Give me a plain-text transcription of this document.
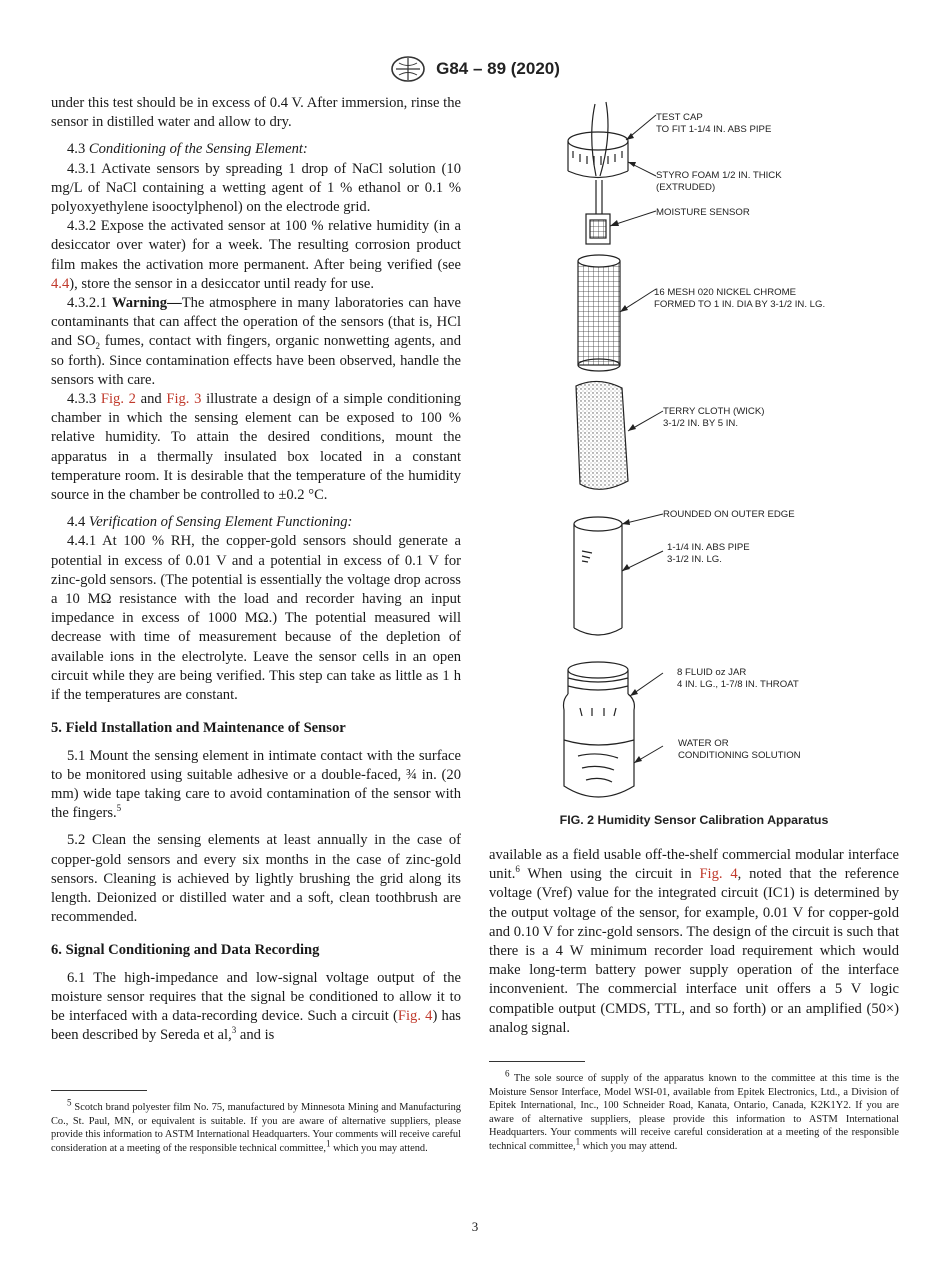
G84 – 89 (2020)

under this test should be in excess of 0.4 V. After immersion, rinse the sensor in distilled water and allow to dry.

4.3 Conditioning of the Sensing Element:

4.3.1 Activate sensors by spreading 1 drop of NaCl solution (10 mg/L of NaCl containing a wetting agent of 1 % ethanol or 0.1 % polyoxyethylene isooctylphenol) on the electrode grid.

4.3.2 Expose the activated sensor at 100 % relative humidity (in a desiccator over water) for a week. The resulting corrosion product film makes the activation more permanent. After being verified (see 4.4), store the sensor in a desiccator until ready for use.

4.3.2.1 Warning—The atmosphere in many laboratories can have contaminants that can affect the operation of the sensors (that is, HCl and $SO_2$ fumes, contact with fingers, organic nonwetting agents, and so forth). Since contamination effects have been observed, handle the sensors with care.

4.3.3 Fig. 2 and Fig. 3 illustrate a design of a simple conditioning chamber in which the sensing element can be exposed to 100 % relative humidity. To attain the desired conditions, mount the apparatus in a thermally insulated box located in a constant temperature room. It is desirable that the temperature of the humidity source in the chamber be controlled to ±0.2 °C.

4.4 Verification of Sensing Element Functioning:

4.4.1 At 100 % RH, the copper-gold sensors should generate a potential in excess of 0.01 V and a potential in excess of 0.1 V for zinc-gold sensors. (The potential is essentially the voltage drop across a 10 MΩ resistance with the load and recorder having an input impedance in excess of 1000 MΩ.) The potential measured will decrease with time of measurement because of the depletion of available ions in the electrolyte. Leave the sensor cells in an open circuit while they are being verified. This step can take as little as 1 h if the temperatures are constant.

5. Field Installation and Maintenance of Sensor

5.1 Mount the sensing element in intimate contact with the surface to be monitored using suitable adhesive or a double-faced, ¾ in. (20 mm) wide tape taking care to avoid contamination of the sensor with the fingers.$^5$

5.2 Clean the sensing elements at least annually in the case of copper-gold sensors and every six months in the case of zinc-gold sensors. Cleaning is achieved by lightly brushing the grid along its length. Deionized or distilled water and a soft, clean toothbrush are recommended.

6. Signal Conditioning and Data Recording

6.1 The high-impedance and low-signal voltage output of the moisture sensor requires that the signal be conditioned to allow it to be interfaced with a data-recording device. Such a circuit (Fig. 4) has been described by Sereda et al,$^3$ and is

TEST CAP
TO FIT 1-1/4 IN. ABS PIPE
STYRO FOAM 1/2 IN. THICK
(EXTRUDED)
MOISTURE SENSOR
16 MESH 020 NICKEL CHROME
FORMED TO 1 IN. DIA BY 3-1/2 IN. LG.
TERRY CLOTH (WICK)
3-1/2 IN. BY 5 IN.
ROUNDED ON OUTER EDGE
1-1/4 IN. ABS PIPE
3-1/2 IN. LG.
8 FLUID oz JAR
4 IN. LG., 1-7/8 IN. THROAT
WATER OR
CONDITIONING SOLUTION
FIG. 2 Humidity Sensor Calibration Apparatus

available as a field usable off-the-shelf commercial modular interface unit.$^6$ When using the circuit in Fig. 4, noted that the reference voltage (Vref) value for the integrated circuit (IC1) is determined by the output voltage of the sensor, for example, 0.01 V for copper-gold and 0.10 V for zinc-gold sensors. The design of the circuit is such that there is a 4 W minimum recorder load requirement which would make long-term battery power supply operation of the interface inconvenient. The commercial interface unit offers a 5 V logic compatible output (CMDS, TTL, and so forth) or an amplified (50×) analog signal.

$^5$ Scotch brand polyester film No. 75, manufactured by Minnesota Mining and Manufacturing Co., St. Paul, MN, or equivalent is suitable. If you are aware of alternative suppliers, please provide this information to ASTM International Headquarters. Your comments will receive careful consideration at a meeting of the responsible technical committee,$^1$ which you may attend.
$^6$ The sole source of supply of the apparatus known to the committee at this time is the Moisture Sensor Interface, Model WSI-01, available from Epitek Electronics, Ltd., a Division of Epitek International, Inc., 100 Schneider Road, Kanata, Ontario, Canada, K2K1Y2. If you are aware of alternative suppliers, please provide this information to ASTM International Headquarters. Your comments will receive careful consideration at a meeting of the responsible technical committee,$^1$ which you may attend.
3
